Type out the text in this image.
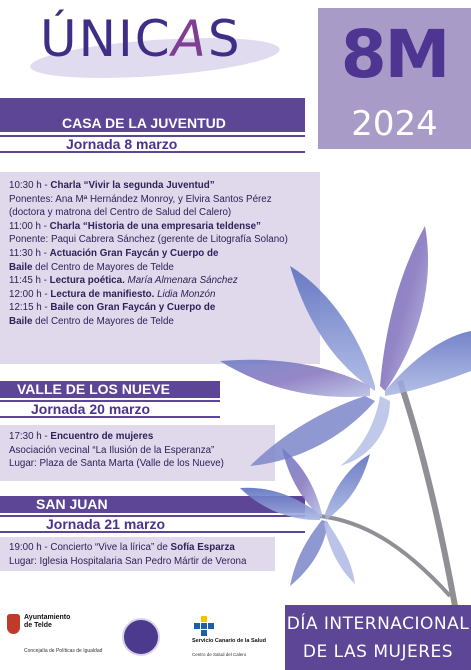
ÚNICAS	8M
2024
CASA DE LA JUVENTUD
Jornada 8 marzo
10:30 h - Charla “Vivir la segunda Juventud”
Ponentes: Ana Mª Hernández Monroy, y Elvira Santos Pérez
(doctora y matrona del Centro de Salud del Calero)
11:00 h - Charla “Historia de una empresaria teldense”
Ponente: Paqui Cabrera Sánchez (gerente de Litografía Solano)
11:30 h - Actuación Gran Faycán y Cuerpo de
Baile del Centro de Mayores de Telde
11:45 h - Lectura poética. María Almenara Sánchez
12:00 h - Lectura de manifiesto. Lidia Monzón
12:15 h - Baile con Gran Faycán y Cuerpo de
Baile del Centro de Mayores de Telde
VALLE DE LOS NUEVE
Jornada 20 marzo
17:30 h - Encuentro de mujeres
Asociación vecinal “La Ilusión de la Esperanza”
Lugar: Plaza de Santa Marta (Valle de los Nueve)
SAN JUAN
Jornada 21 marzo
19:00 h - Concierto “Vive la lírica” de Sofía Esparza
Lugar: Iglesia Hospitalaria San Pedro Mártir de Verona
Ayuntamiento de Telde
Concejalía de Políticas de Igualdad
Servicio Canario de la Salud
Centro de Salud del Calero
DÍA INTERNACIONAL
DE LAS MUJERES
